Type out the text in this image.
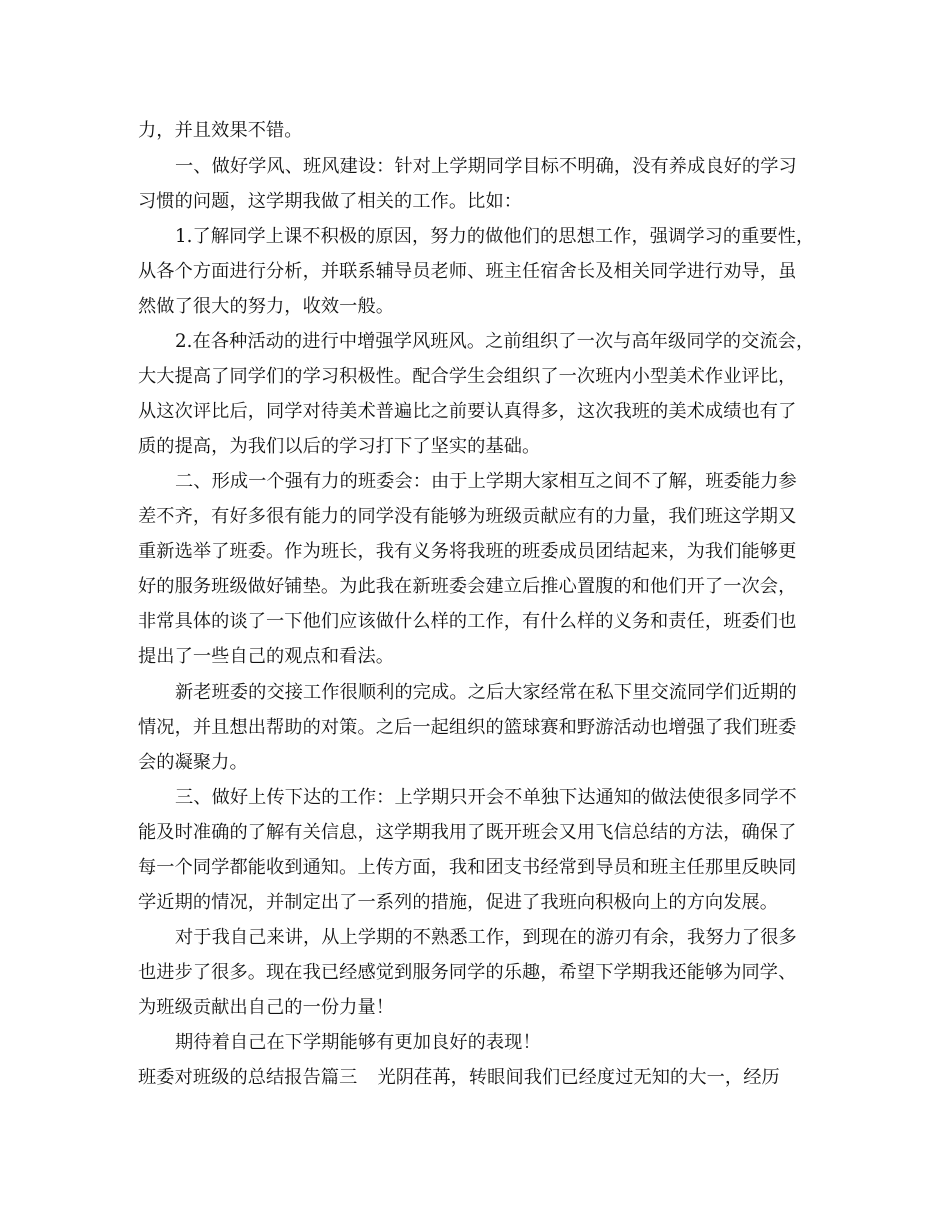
力，并且效果不错。
一、做好学风、班风建设：针对上学期同学目标不明确，没有养成良好的学习
习惯的问题，这学期我做了相关的工作。比如：
1.了解同学上课不积极的原因，努力的做他们的思想工作，强调学习的重要性，
从各个方面进行分析，并联系辅导员老师、班主任宿舍长及相关同学进行劝导，虽
然做了很大的努力，收效一般。
2.在各种活动的进行中增强学风班风。之前组织了一次与高年级同学的交流会，
大大提高了同学们的学习积极性。配合学生会组织了一次班内小型美术作业评比，
从这次评比后，同学对待美术普遍比之前要认真得多，这次我班的美术成绩也有了
质的提高，为我们以后的学习打下了坚实的基础。
二、形成一个强有力的班委会：由于上学期大家相互之间不了解，班委能力参
差不齐，有好多很有能力的同学没有能够为班级贡献应有的力量，我们班这学期又
重新选举了班委。作为班长，我有义务将我班的班委成员团结起来，为我们能够更
好的服务班级做好铺垫。为此我在新班委会建立后推心置腹的和他们开了一次会，
非常具体的谈了一下他们应该做什么样的工作，有什么样的义务和责任，班委们也
提出了一些自己的观点和看法。
新老班委的交接工作很顺利的完成。之后大家经常在私下里交流同学们近期的
情况，并且想出帮助的对策。之后一起组织的篮球赛和野游活动也增强了我们班委
会的凝聚力。
三、做好上传下达的工作：上学期只开会不单独下达通知的做法使很多同学不
能及时准确的了解有关信息，这学期我用了既开班会又用飞信总结的方法，确保了
每一个同学都能收到通知。上传方面，我和团支书经常到导员和班主任那里反映同
学近期的情况，并制定出了一系列的措施，促进了我班向积极向上的方向发展。
对于我自己来讲，从上学期的不熟悉工作，到现在的游刃有余，我努力了很多
也进步了很多。现在我已经感觉到服务同学的乐趣，希望下学期我还能够为同学、
为班级贡献出自己的一份力量！
期待着自己在下学期能够有更加良好的表现！
班委对班级的总结报告篇三 光阴荏苒，转眼间我们已经度过无知的大一，经历
